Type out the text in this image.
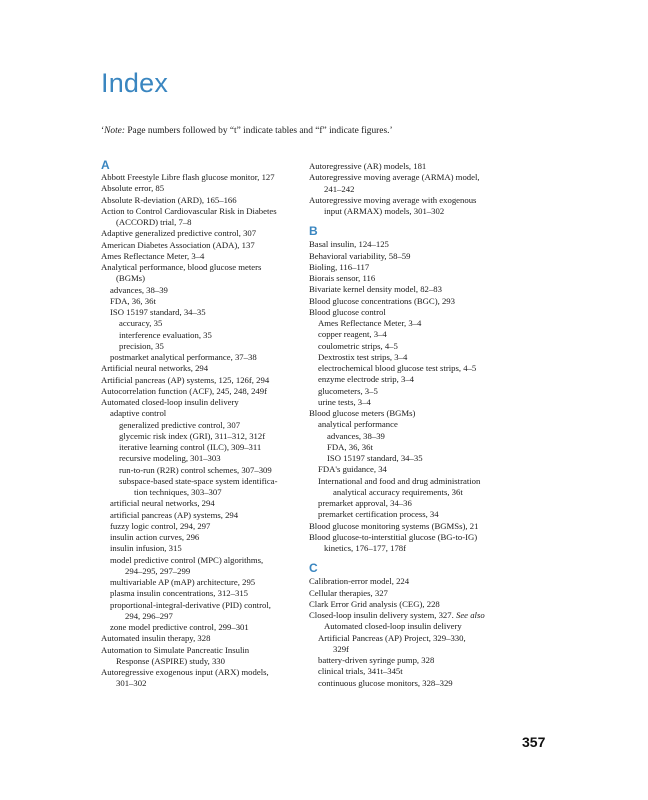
Index
‘Note: Page numbers followed by “t” indicate tables and “f” indicate figures.’
A
Abbott Freestyle Libre flash glucose monitor, 127
Absolute error, 85
Absolute R-deviation (ARD), 165–166
Action to Control Cardiovascular Risk in Diabetes
(ACCORD) trial, 7–8
Adaptive generalized predictive control, 307
American Diabetes Association (ADA), 137
Ames Reflectance Meter, 3–4
Analytical performance, blood glucose meters
(BGMs)
advances, 38–39
FDA, 36, 36t
ISO 15197 standard, 34–35
accuracy, 35
interference evaluation, 35
precision, 35
postmarket analytical performance, 37–38
Artificial neural networks, 294
Artificial pancreas (AP) systems, 125, 126f, 294
Autocorrelation function (ACF), 245, 248, 249f
Automated closed-loop insulin delivery
adaptive control
generalized predictive control, 307
glycemic risk index (GRI), 311–312, 312f
iterative learning control (ILC), 309–311
recursive modeling, 301–303
run-to-run (R2R) control schemes, 307–309
subspace-based state-space system identifica-
tion techniques, 303–307
artificial neural networks, 294
artificial pancreas (AP) systems, 294
fuzzy logic control, 294, 297
insulin action curves, 296
insulin infusion, 315
model predictive control (MPC) algorithms,
294–295, 297–299
multivariable AP (mAP) architecture, 295
plasma insulin concentrations, 312–315
proportional-integral-derivative (PID) control,
294, 296–297
zone model predictive control, 299–301
Automated insulin therapy, 328
Automation to Simulate Pancreatic Insulin
Response (ASPIRE) study, 330
Autoregressive exogenous input (ARX) models,
301–302
Autoregressive (AR) models, 181
Autoregressive moving average (ARMA) model,
241–242
Autoregressive moving average with exogenous
input (ARMAX) models, 301–302
B
Basal insulin, 124–125
Behavioral variability, 58–59
Bioling, 116–117
Biorais sensor, 116
Bivariate kernel density model, 82–83
Blood glucose concentrations (BGC), 293
Blood glucose control
Ames Reflectance Meter, 3–4
copper reagent, 3–4
coulometric strips, 4–5
Dextrostix test strips, 3–4
electrochemical blood glucose test strips, 4–5
enzyme electrode strip, 3–4
glucometers, 3–5
urine tests, 3–4
Blood glucose meters (BGMs)
analytical performance
advances, 38–39
FDA, 36, 36t
ISO 15197 standard, 34–35
FDA's guidance, 34
International and food and drug administration
analytical accuracy requirements, 36t
premarket approval, 34–36
premarket certification process, 34
Blood glucose monitoring systems (BGMSs), 21
Blood glucose-to-interstitial glucose (BG-to-IG)
kinetics, 176–177, 178f
C
Calibration-error model, 224
Cellular therapies, 327
Clark Error Grid analysis (CEG), 228
Closed-loop insulin delivery system, 327. See also
Automated closed-loop insulin delivery
Artificial Pancreas (AP) Project, 329–330,
329f
battery-driven syringe pump, 328
clinical trials, 341t–345t
continuous glucose monitors, 328–329
357
